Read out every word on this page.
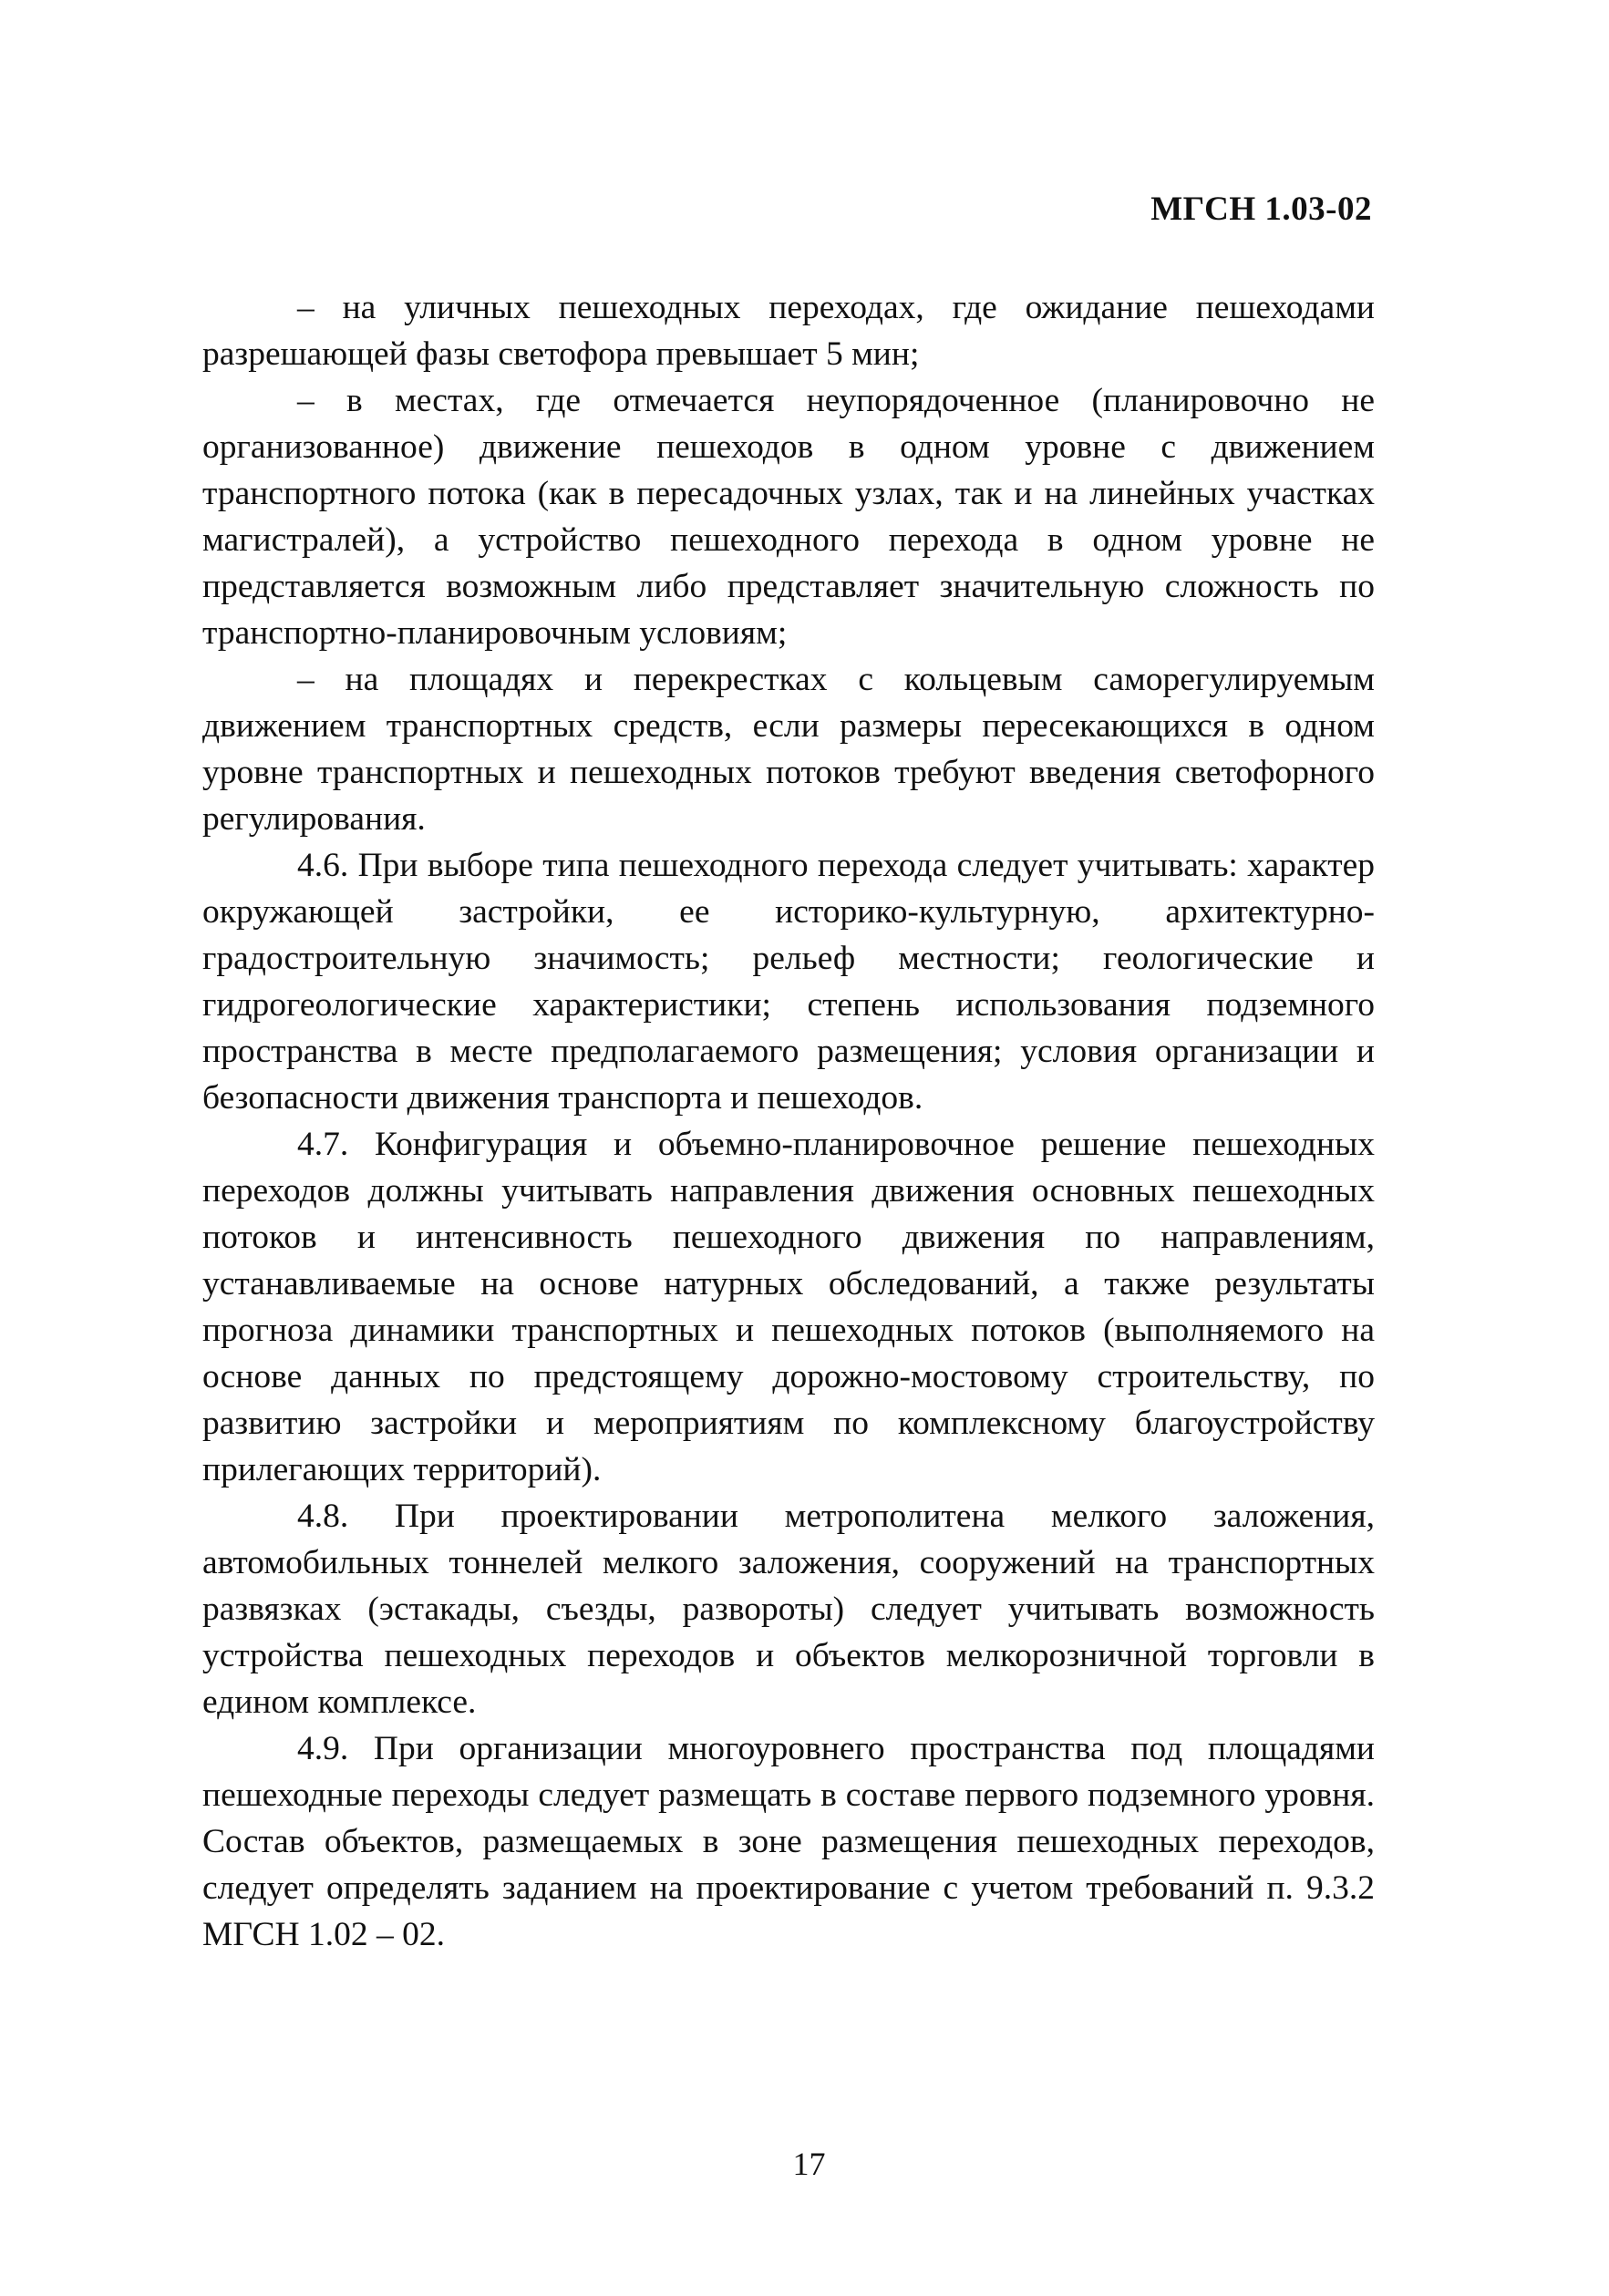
МГСН 1.03-02

– на уличных пешеходных переходах, где ожидание пешеходами разрешающей фазы светофора превышает 5 мин;

– в местах, где отмечается неупорядоченное (планировочно не организованное) движение пешеходов в одном уровне с движением транспортного потока (как в пересадочных узлах, так и на линейных участках магистралей), а устройство пешеходного перехода в одном уровне не представляется возможным либо представляет значительную сложность по транспортно-планировочным условиям;

– на площадях и перекрестках с кольцевым саморегулируемым движением транспортных средств, если размеры пересекающихся в одном уровне транспортных и пешеходных потоков требуют введения светофорного регулирования.

4.6. При выборе типа пешеходного перехода следует учитывать: характер окружающей застройки, ее историко-культурную, архитектурно-градостроительную значимость; рельеф местности; геологические и гидрогеологические характеристики; степень использования подземного пространства в месте предполагаемого размещения; условия организации и безопасности движения транспорта и пешеходов.

4.7. Конфигурация и объемно-планировочное решение пешеходных переходов должны учитывать направления движения основных пешеходных потоков и интенсивность пешеходного движения по направлениям, устанавливаемые на основе натурных обследований, а также результаты прогноза динамики транспортных и пешеходных потоков (выполняемого на основе данных по предстоящему дорожно-мостовому строительству, по развитию застройки и мероприятиям по комплексному благоустройству прилегающих территорий).

4.8. При проектировании метрополитена мелкого заложения, автомобильных тоннелей мелкого заложения, сооружений на транспортных развязках (эстакады, съезды, развороты) следует учитывать возможность устройства пешеходных переходов и объектов мелкорозничной торговли в едином комплексе.

4.9. При организации многоуровнего пространства под площадями пешеходные переходы следует размещать в составе первого подземного уровня. Состав объектов, размещаемых в зоне размещения пешеходных переходов, следует определять заданием на проектирование с учетом требований п. 9.3.2 МГСН 1.02 – 02.

17
